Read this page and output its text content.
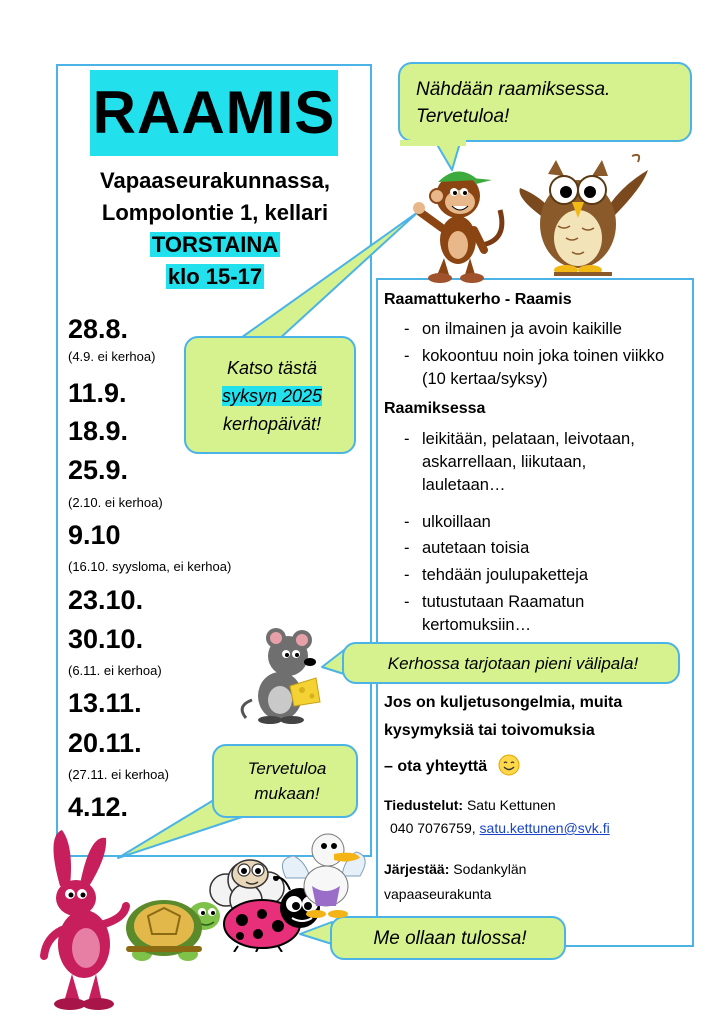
RAAMIS
Vapaaseurakunnassa,
Lompolontie 1, kellari
TORSTAINA
klo 15-17
28.8.
(4.9. ei kerhoa)
11.9.
18.9.
25.9.
(2.10. ei kerhoa)
9.10
(16.10. syysloma, ei kerhoa)
23.10.
30.10.
(6.11. ei kerhoa)
13.11.
20.11.
(27.11. ei kerhoa)
4.12.
Raamattukerho - Raamis
- on ilmainen ja avoin kaikille
- kokoontuu noin joka toinen viikko (10 kertaa/syksy)
Raamiksessa
- leikitään, pelataan, leivotaan, askarrellaan, liikutaan, lauletaan…
- ulkoillaan
- autetaan toisia
- tehdään joulupaketteja
- tutustutaan Raamatun kertomuksiin…
Jos on kuljetusongelmia, muita
kysymyksiä tai toivomuksia
– ota yhteyttä
Tiedustelut: Satu Kettunen
040 7076759, satu.kettunen@svk.fi
Järjestää: Sodankylän
vapaaseurakunta
Nähdään raamiksessa.
Tervetuloa!
Katso tästä
syksyn 2025
kerhopäivät!
Kerhossa tarjotaan pieni välipala!
Tervetuloa
mukaan!
Me ollaan tulossa!
